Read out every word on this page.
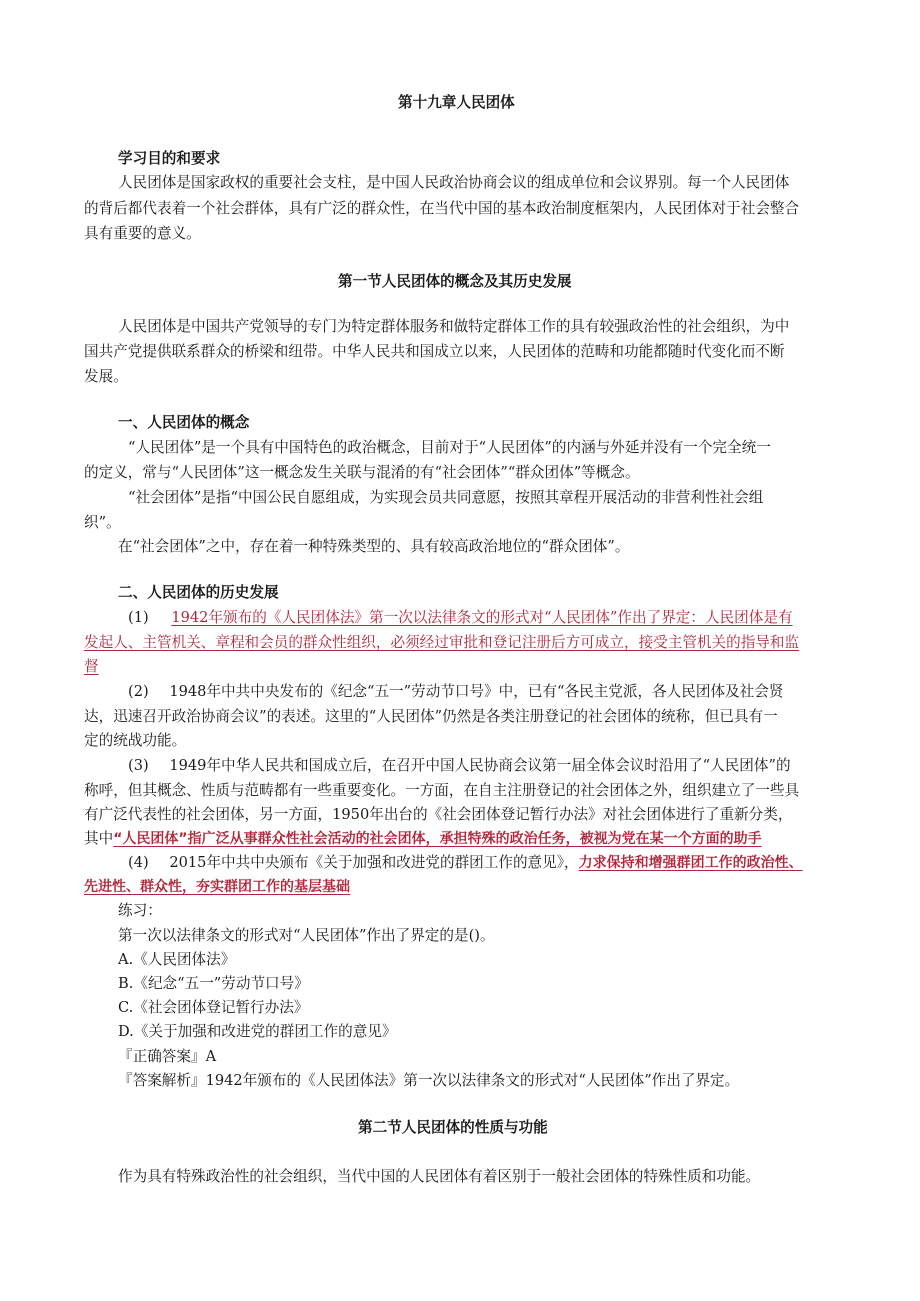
第十九章人民团体
学习目的和要求
人民团体是国家政权的重要社会支柱，是中国人民政治协商会议的组成单位和会议界别。每一个人民团体
的背后都代表着一个社会群体，具有广泛的群众性，在当代中国的基本政治制度框架内，人民团体对于社会整合
具有重要的意义。
第一节人民团体的概念及其历史发展
人民团体是中国共产党领导的专门为特定群体服务和做特定群体工作的具有较强政治性的社会组织，为中
国共产党提供联系群众的桥梁和纽带。中华人民共和国成立以来，人民团体的范畴和功能都随时代变化而不断
发展。
一、人民团体的概念
“人民团体”是一个具有中国特色的政治概念，目前对于“人民团体”的内涵与外延并没有一个完全统一
的定义，常与“人民团体”这一概念发生关联与混淆的有“社会团体”“群众团体”等概念。
“社会团体”是指“中国公民自愿组成，为实现会员共同意愿，按照其章程开展活动的非营利性社会组
织”。
在“社会团体”之中，存在着一种特殊类型的、具有较高政治地位的“群众团体”。
二、人民团体的历史发展
(1) 1942年颁布的《人民团体法》第一次以法律条文的形式对“人民团体”作出了界定：人民团体是有
发起人、主管机关、章程和会员的群众性组织，必须经过审批和登记注册后方可成立，接受主管机关的指导和监
督
(2) 1948年中共中央发布的《纪念“五一”劳动节口号》中，已有“各民主党派，各人民团体及社会贤
达，迅速召开政治协商会议”的表述。这里的“人民团体”仍然是各类注册登记的社会团体的统称，但已具有一
定的统战功能。
(3) 1949年中华人民共和国成立后，在召开中国人民协商会议第一届全体会议时沿用了“人民团体”的
称呼，但其概念、性质与范畴都有一些重要变化。一方面，在自主注册登记的社会团体之外，组织建立了一些具
有广泛代表性的社会团体，另一方面，1950年出台的《社会团体登记暂行办法》对社会团体进行了重新分类，
其中“人民团体”指广泛从事群众性社会活动的社会团体，承担特殊的政治任务，被视为党在某一个方面的助手
(4) 2015年中共中央颁布《关于加强和改进党的群团工作的意见》，力求保持和增强群团工作的政治性、
先进性、群众性，夯实群团工作的基层基础
练习：
第一次以法律条文的形式对“人民团体”作出了界定的是()。
A.《人民团体法》
B.《纪念“五一”劳动节口号》
C.《社会团体登记暂行办法》
D.《关于加强和改进党的群团工作的意见》
『正确答案』A
『答案解析』1942年颁布的《人民团体法》第一次以法律条文的形式对“人民团体”作出了界定。
第二节人民团体的性质与功能
作为具有特殊政治性的社会组织，当代中国的人民团体有着区别于一般社会团体的特殊性质和功能。
